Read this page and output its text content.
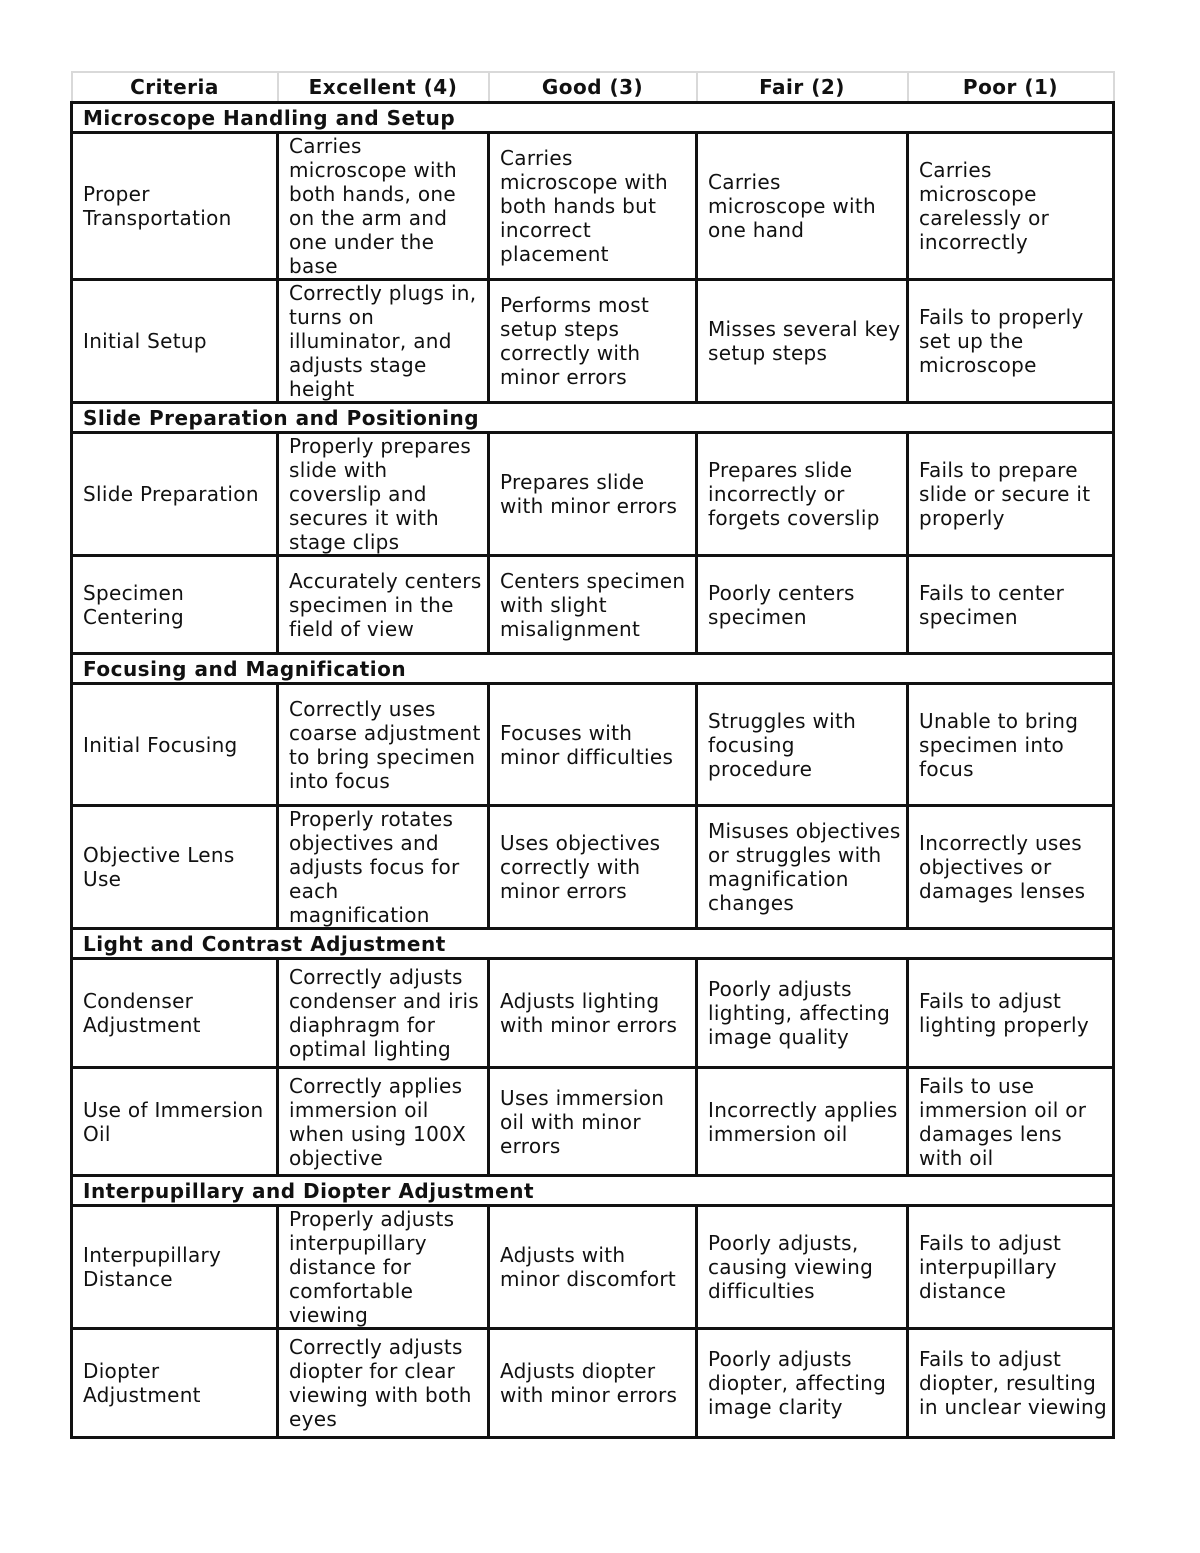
Criteria	Excellent (4)	Good (3)	Fair (2)	Poor (1)
Microscope Handling and Setup				
Proper Transportation	Carries microscope with both hands, one on the arm and one under the base	Carries microscope with both hands but incorrect placement	Carries microscope with one hand	Carries microscope carelessly or incorrectly
Initial Setup	Correctly plugs in, turns on illuminator, and adjusts stage height	Performs most setup steps correctly with minor errors	Misses several key setup steps	Fails to properly set up the microscope
Slide Preparation and Positioning				
Slide Preparation	Properly prepares slide with coverslip and secures it with stage clips	Prepares slide with minor errors	Prepares slide incorrectly or forgets coverslip	Fails to prepare slide or secure it properly
Specimen Centering	Accurately centers specimen in the field of view	Centers specimen with slight misalignment	Poorly centers specimen	Fails to center specimen
Focusing and Magnification				
Initial Focusing	Correctly uses coarse adjustment to bring specimen into focus	Focuses with minor difficulties	Struggles with focusing procedure	Unable to bring specimen into focus
Objective Lens Use	Properly rotates objectives and adjusts focus for each magnification	Uses objectives correctly with minor errors	Misuses objectives or struggles with magnification changes	Incorrectly uses objectives or damages lenses
Light and Contrast Adjustment				
Condenser Adjustment	Correctly adjusts condenser and iris diaphragm for optimal lighting	Adjusts lighting with minor errors	Poorly adjusts lighting, affecting image quality	Fails to adjust lighting properly
Use of Immersion Oil	Correctly applies immersion oil when using 100X objective	Uses immersion oil with minor errors	Incorrectly applies immersion oil	Fails to use immersion oil or damages lens with oil
Interpupillary and Diopter Adjustment				
Interpupillary Distance	Properly adjusts interpupillary distance for comfortable viewing	Adjusts with minor discomfort	Poorly adjusts, causing viewing difficulties	Fails to adjust interpupillary distance
Diopter Adjustment	Correctly adjusts diopter for clear viewing with both eyes	Adjusts diopter with minor errors	Poorly adjusts diopter, affecting image clarity	Fails to adjust diopter, resulting in unclear viewing
